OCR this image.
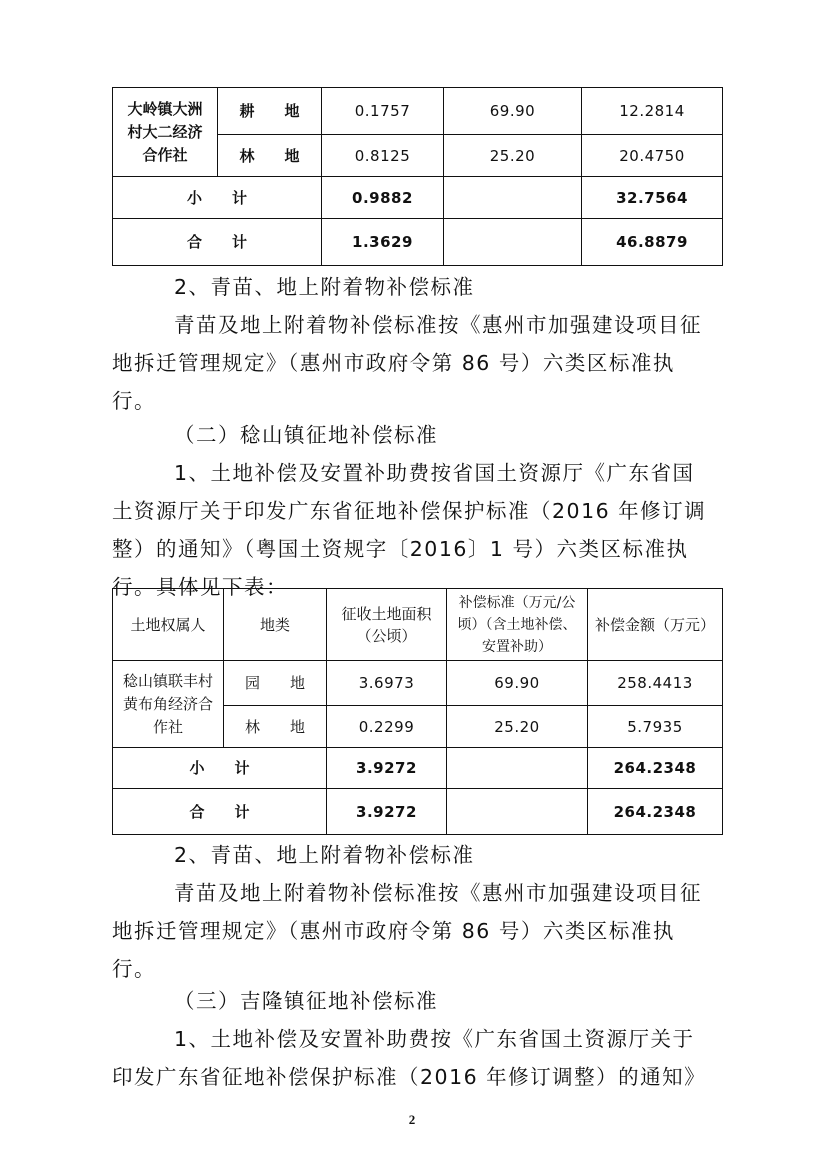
大岭镇大洲村大二经济合作社	耕　　地	0.1757	69.90	12.2814
	林　　地	0.8125	25.20	20.4750
小　　计		0.9882		32.7564
合　　计		1.3629		46.8879

2、青苗、地上附着物补偿标准

青苗及地上附着物补偿标准按《惠州市加强建设项目征地拆迁管理规定》（惠州市政府令第 86 号）六类区标准执行。

（二）稔山镇征地补偿标准

1、土地补偿及安置补助费按省国土资源厅《广东省国土资源厅关于印发广东省征地补偿保护标准（2016 年修订调整）的通知》（粤国土资规字〔2016〕1 号）六类区标准执行。具体见下表：

土地权属人	地类	征收土地面积（公顷）	补偿标准（万元/公顷）（含土地补偿、安置补助）	补偿金额（万元）
稔山镇联丰村黄布角经济合作社	园　　地	3.6973	69.90	258.4413
	林　　地	0.2299	25.20	5.7935
小　　计		3.9272		264.2348
合　　计		3.9272		264.2348

2、青苗、地上附着物补偿标准

青苗及地上附着物补偿标准按《惠州市加强建设项目征地拆迁管理规定》（惠州市政府令第 86 号）六类区标准执行。

（三）吉隆镇征地补偿标准

1、土地补偿及安置补助费按《广东省国土资源厅关于印发广东省征地补偿保护标准（2016 年修订调整）的通知》

2
